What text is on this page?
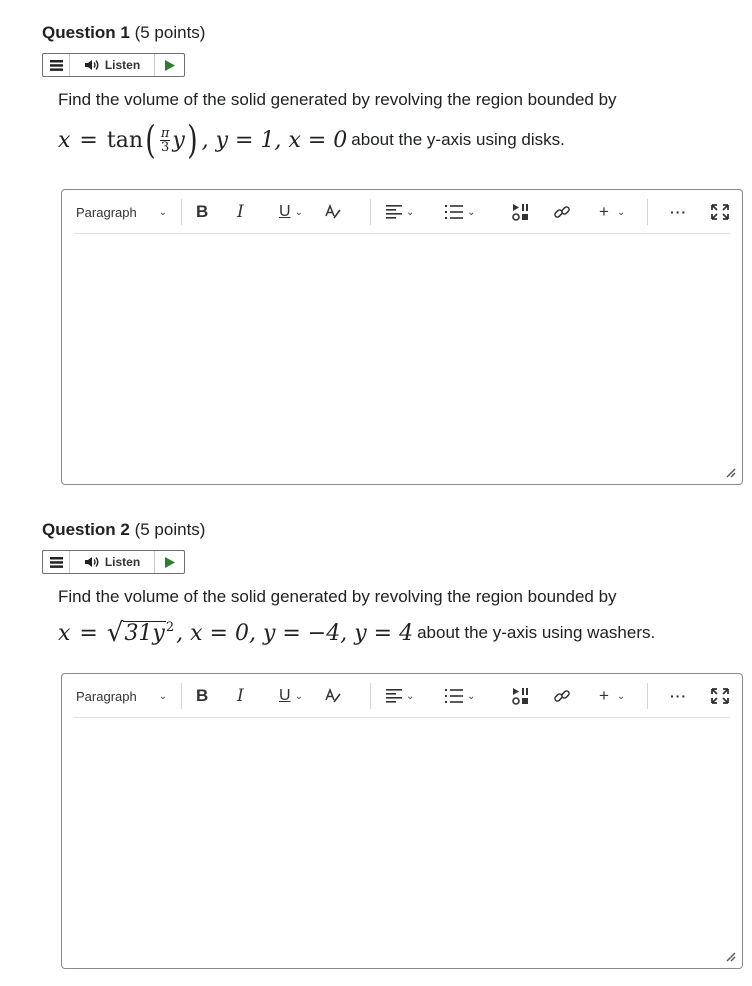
Question 1 (5 points)
Listen
Find the volume of the solid generated by revolving the region bounded by
x = tan ( $\frac{\pi}{3}$ y ) , y = 1, x = 0 about the y-axis using disks.
Paragraph ⌄ B I U ⌄	⌄	⌄	+ ⌄	···
Question 2 (5 points)
Listen
Find the volume of the solid generated by revolving the region bounded by
x = √ $31y^2$ , x = 0, y = −4, y = 4 about the y-axis using washers.
Paragraph ⌄ B I U ⌄	⌄	⌄	+ ⌄	···
